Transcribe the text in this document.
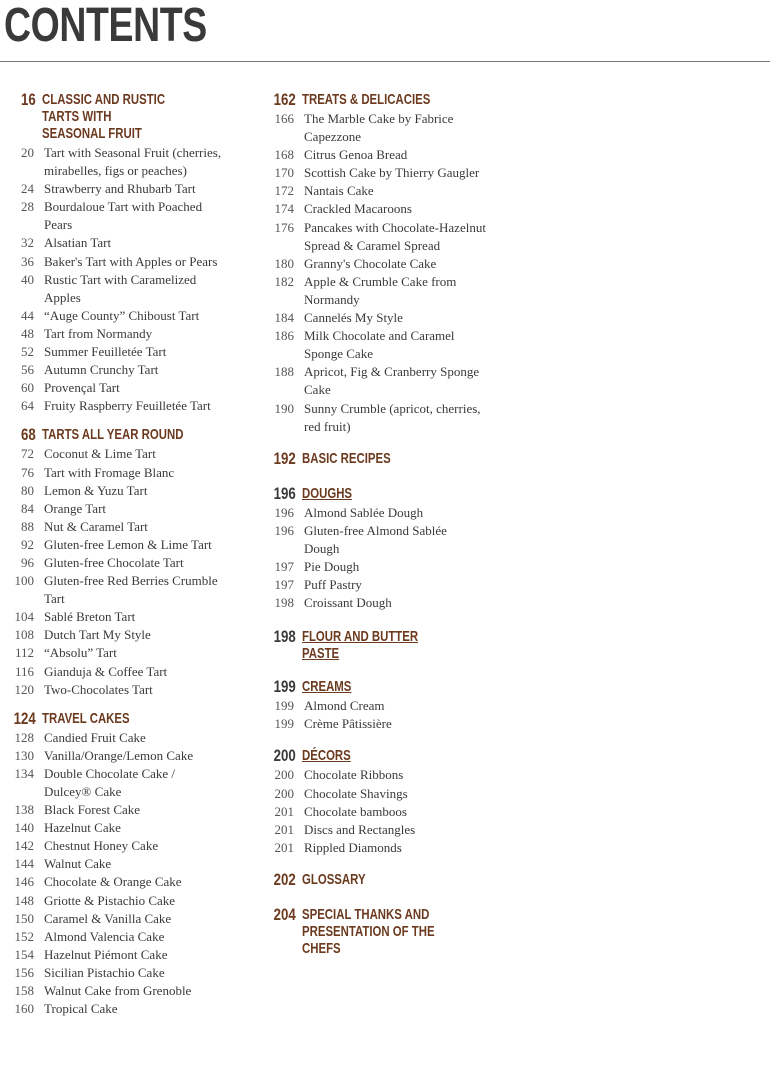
CONTENTS
16 CLASSIC AND RUSTIC TARTS WITH
SEASONAL FRUIT
20 Tart with Seasonal Fruit (cherries,
mirabelles, figs or peaches)
24 Strawberry and Rhubarb Tart
28 Bourdaloue Tart with Poached
Pears
32 Alsatian Tart
36 Baker's Tart with Apples or Pears
40 Rustic Tart with Caramelized
Apples
44 “Auge County” Chiboust Tart
48 Tart from Normandy
52 Summer Feuilletée Tart
56 Autumn Crunchy Tart
60 Provençal Tart
64 Fruity Raspberry Feuilletée Tart
68 TARTS ALL YEAR ROUND
72 Coconut & Lime Tart
76 Tart with Fromage Blanc
80 Lemon & Yuzu Tart
84 Orange Tart
88 Nut & Caramel Tart
92 Gluten-free Lemon & Lime Tart
96 Gluten-free Chocolate Tart
100 Gluten-free Red Berries Crumble
Tart
104 Sablé Breton Tart
108 Dutch Tart My Style
112 “Absolu” Tart
116 Gianduja & Coffee Tart
120 Two-Chocolates Tart
124 TRAVEL CAKES
128 Candied Fruit Cake
130 Vanilla/Orange/Lemon Cake
134 Double Chocolate Cake /
Dulcey® Cake
138 Black Forest Cake
140 Hazelnut Cake
142 Chestnut Honey Cake
144 Walnut Cake
146 Chocolate & Orange Cake
148 Griotte & Pistachio Cake
150 Caramel & Vanilla Cake
152 Almond Valencia Cake
154 Hazelnut Piémont Cake
156 Sicilian Pistachio Cake
158 Walnut Cake from Grenoble
160 Tropical Cake
162 TREATS & DELICACIES
166 The Marble Cake by Fabrice
Capezzone
168 Citrus Genoa Bread
170 Scottish Cake by Thierry Gaugler
172 Nantais Cake
174 Crackled Macaroons
176 Pancakes with Chocolate-Hazelnut
Spread & Caramel Spread
180 Granny's Chocolate Cake
182 Apple & Crumble Cake from
Normandy
184 Cannelés My Style
186 Milk Chocolate and Caramel
Sponge Cake
188 Apricot, Fig & Cranberry Sponge
Cake
190 Sunny Crumble (apricot, cherries,
red fruit)
192 BASIC RECIPES
196 DOUGHS
196 Almond Sablée Dough
196 Gluten-free Almond Sablée
Dough
197 Pie Dough
197 Puff Pastry
198 Croissant Dough
198 FLOUR AND BUTTER PASTE
199 CREAMS
199 Almond Cream
199 Crème Pâtissière
200 DÉCORS
200 Chocolate Ribbons
200 Chocolate Shavings
201 Chocolate bamboos
201 Discs and Rectangles
201 Rippled Diamonds
202 GLOSSARY
204 SPECIAL THANKS AND
PRESENTATION OF THE CHEFS
